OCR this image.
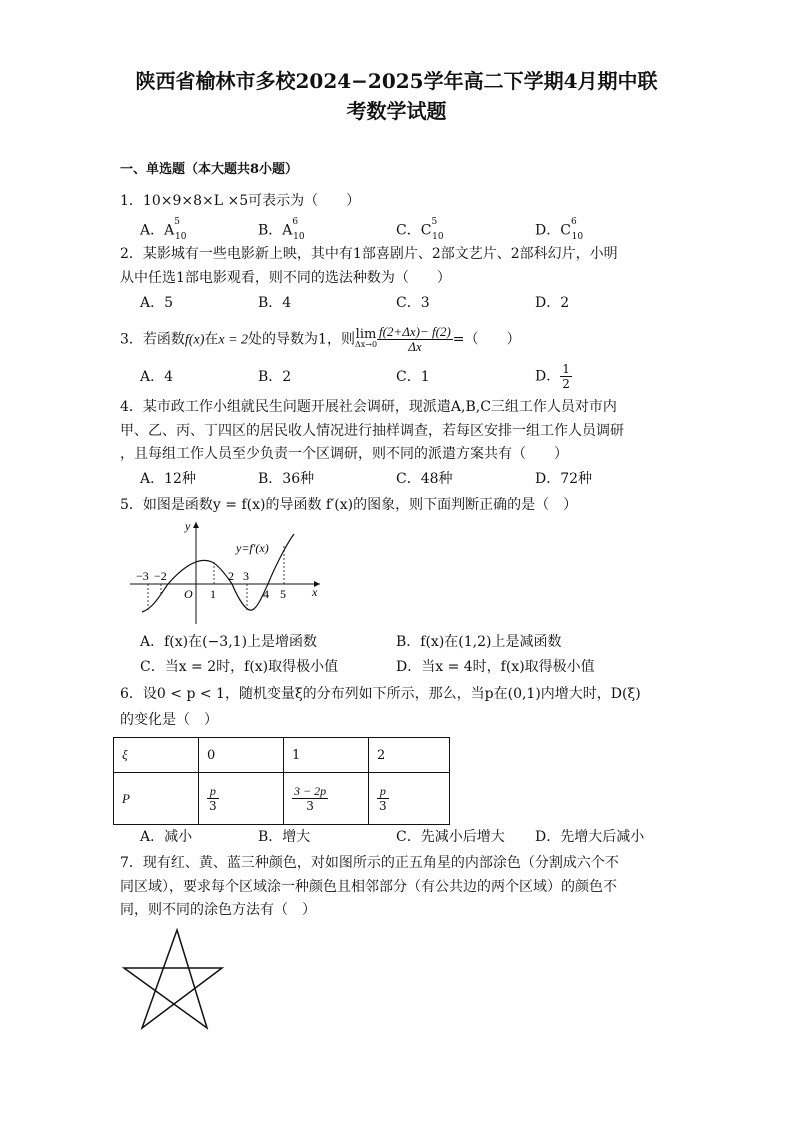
陕西省榆林市多校2024−2025学年高二下学期4月期中联
考数学试题
一、单选题（本大题共8小题）
1．10×9×8×L ×5可表示为（　　）
A．$A^5_{10}$	B．$A^6_{10}$	C．$C^5_{10}$	D．$C^6_{10}$
2．某影城有一些电影新上映，其中有1部喜剧片、2部文艺片、2部科幻片，小明
从中任选1部电影观看，则不同的选法种数为（　　）
A．5	B．4	C．3	D．2
3．若函数f(x)在x = 2处的导数为1，则 lim
$\Delta x\to 0 \frac{f(2+\Delta x)- f(2)}{\Delta x}$ =（　　）
A．4	B．2	C．1	D． $\frac{1}{2}$
4．某市政工作小组就民生问题开展社会调研，现派遣A,B,C三组工作人员对市内
甲、乙、丙、丁四区的居民收人情况进行抽样调查，若每区安排一组工作人员调研
，且每组工作人员至少负责一个区调研，则不同的派遣方案共有（　　）
A．12种	B．36种	C．48种	D．72种
5．如图是函数y = f(x)的导函数 f′(x)的图象，则下面判断正确的是（　）
y=f′(x)
y
x
O
−3 −2
1
2 3
4 5
A．f(x)在(−3,1)上是增函数	B．f(x)在(1,2)上是减函数
C．当x = 2时，f(x)取得极小值	D．当x = 4时，f(x)取得极小值
6．设0 < p < 1，随机变量ξ的分布列如下所示，那么，当p在(0,1)内增大时，D(ξ)
的变化是（　）
ξ	0	1	2
P	$\frac{p}{3}$	$\frac{3 - 2p}{3}$	$\frac{p}{3}$
A．减小	B．增大	C．先减小后增大 D．先增大后减小
7．现有红、黄、蓝三种颜色，对如图所示的正五角星的内部涂色（分割成六个不
同区域），要求每个区域涂一种颜色且相邻部分（有公共边的两个区域）的颜色不
同，则不同的涂色方法有（　）
